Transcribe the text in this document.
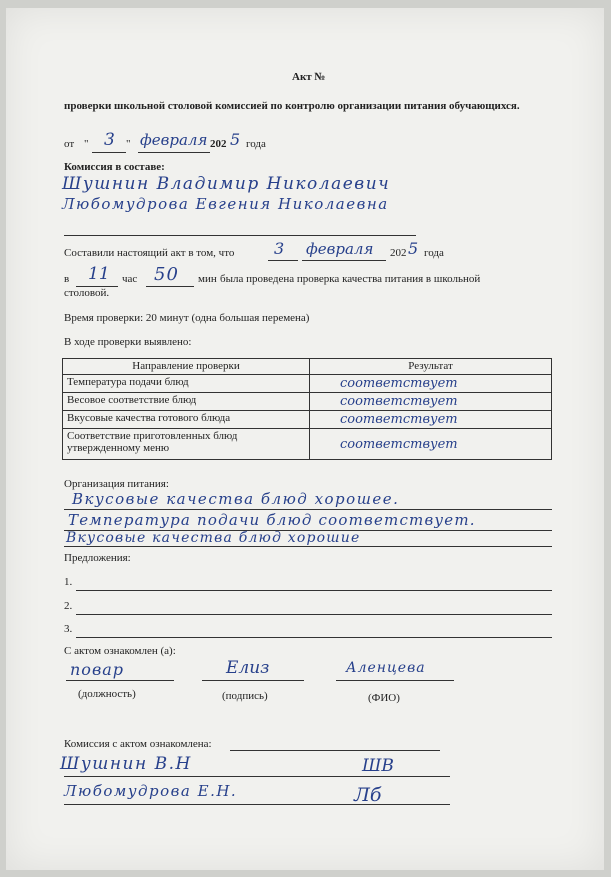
Акт №
проверки школьной столовой комиссией по контролю организации питания обучающихся.
от " 3 " февраля 202 5 года
Комиссия в составе:
Шушнин Владимир Николаевич
Любомудрова Евгения Николаевна
Составили настоящий акт в том, что 3 февраля 202 5 года
в 11 час 50 мин была проведена проверка качества питания в школьной
столовой.
Время проверки: 20 минут (одна большая перемена)
В ходе проверки выявлено:
Направление проверки	Результат
Температура подачи блюд	соответствует
Весовое соответствие блюд	соответствует
Вкусовые качества готового блюда	соответствует
Соответствие приготовленных блюд утвержденному меню	соответствует
Организация питания:
Вкусовые качества блюд хорошее.
Температура подачи блюд соответствует.
Вкусовые качества блюд хорошие
Предложения:
1.
2.
3.
С актом ознакомлен (а):
повар	Елиз	Аленцева
(должность)	(подпись)	(ФИО)
Комиссия с актом ознакомлена:
Шушнин В.Н	ШВ
Любомудрова Е.Н.	Лб
